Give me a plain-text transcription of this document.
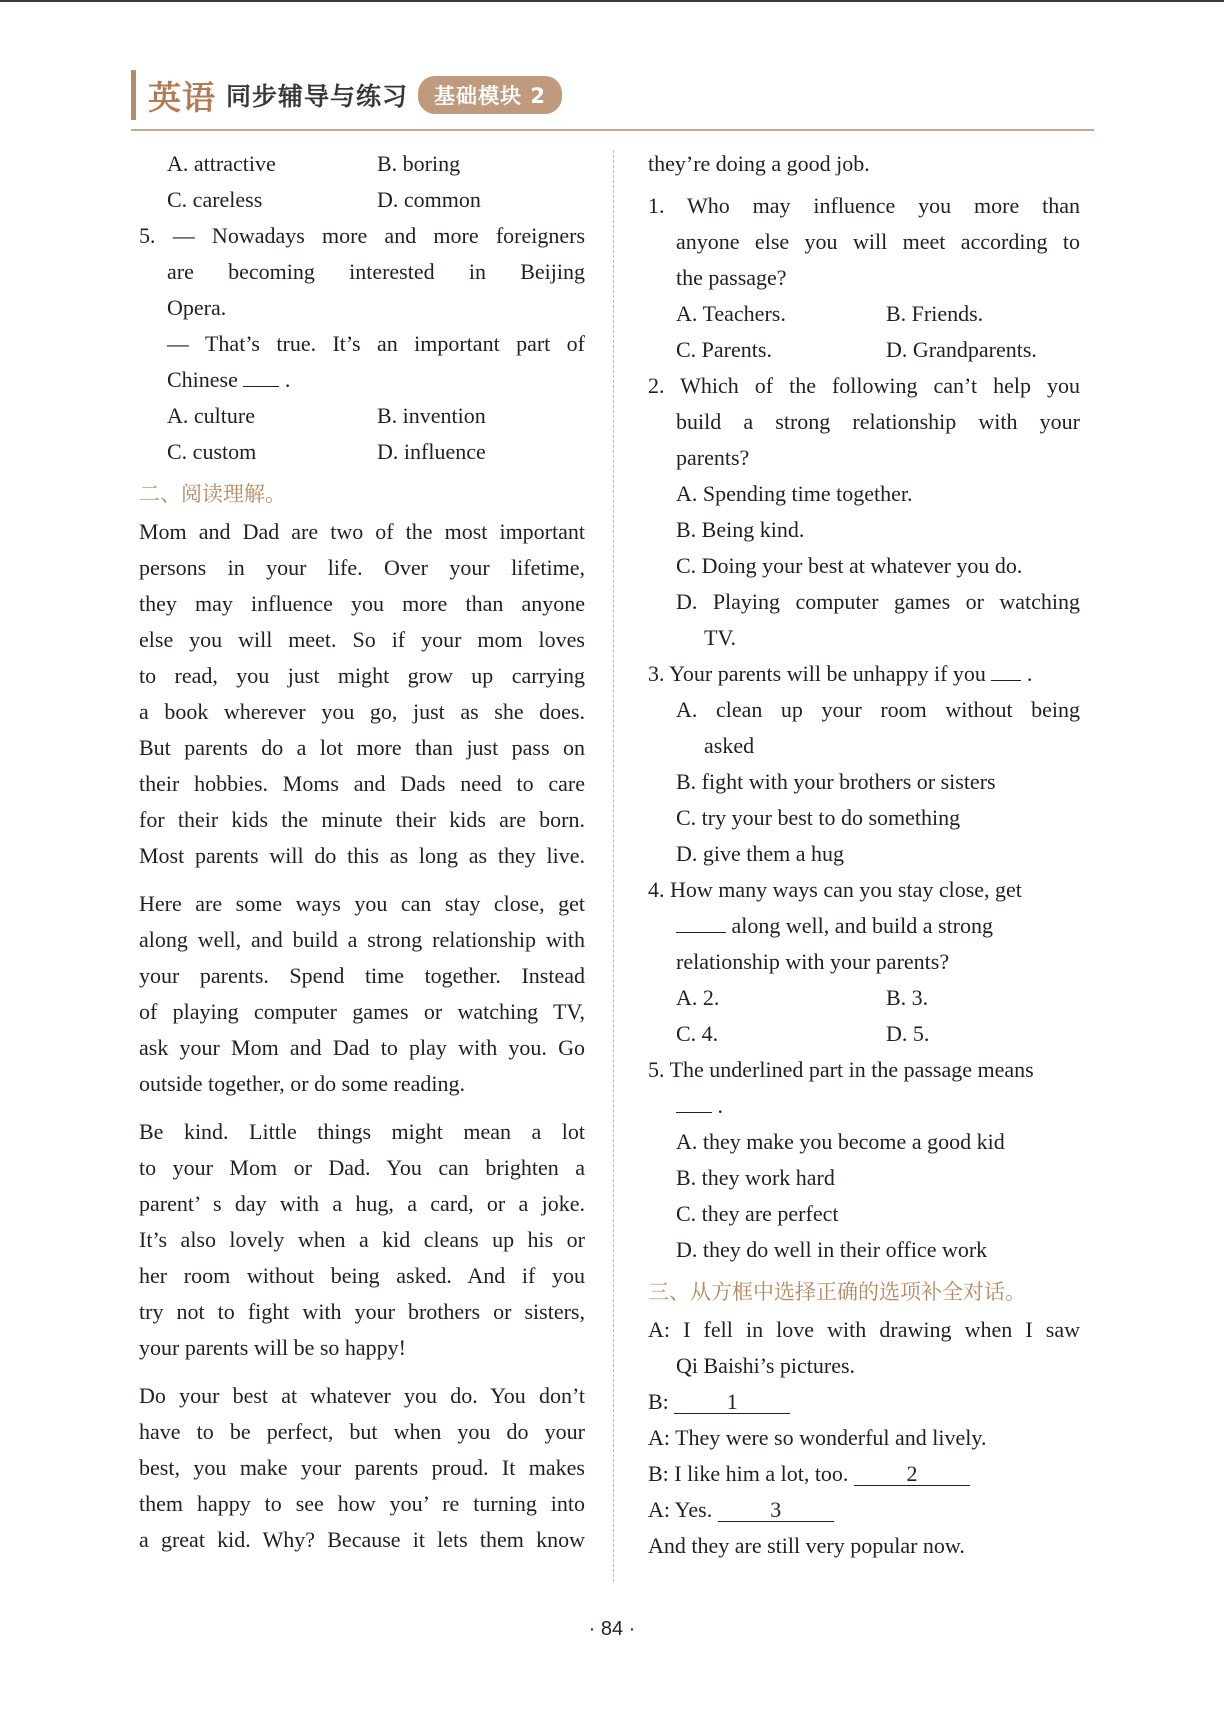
英语 同步辅导与练习	基础模块 2
A. attractive	B. boring
C. careless	D. common

5. — Nowadays more and more foreigners

are becoming interested in Beijing

Opera.

— That’s true. It’s an important part of

Chinese  .

A. culture	B. invention
C. custom	D. influence
二、阅读理解。

Mom and Dad are two of the most important

persons in your life. Over your lifetime,

they may influence you more than anyone

else you will meet. So if your mom loves

to read, you just might grow up carrying

a book wherever you go, just as she does.

But parents do a lot more than just pass on

their hobbies. Moms and Dads need to care

for their kids the minute their kids are born.

Most parents will do this as long as they live.

Here are some ways you can stay close, get

along well, and build a strong relationship with

your parents. Spend time together. Instead

of playing computer games or watching TV,

ask your Mom and Dad to play with you. Go

outside together, or do some reading.

Be kind. Little things might mean a lot

to your Mom or Dad. You can brighten a

parent’ s day with a hug, a card, or a joke.

It’s also lovely when a kid cleans up his or

her room without being asked. And if you

try not to fight with your brothers or sisters,

your parents will be so happy!

Do your best at whatever you do. You don’t

have to be perfect, but when you do your

best, you make your parents proud. It makes

them happy to see how you’ re turning into

a great kid. Why? Because it lets them know

they’re doing a good job.

1. Who may influence you more than

anyone else you will meet according to

the passage?

A. Teachers.	B. Friends.
C. Parents.	D. Grandparents.

2. Which of the following can’t help you

build a strong relationship with your

parents?

A. Spending time together.

B. Being kind.

C. Doing your best at whatever you do.

D. Playing computer games or watching

TV.

3. Your parents will be unhappy if you  .

A. clean up your room without being

asked

B. fight with your brothers or sisters

C. try your best to do something

D. give them a hug

4. How many ways can you stay close, get

along well, and build a strong

relationship with your parents?

A. 2.	B. 3.
C. 4.	D. 5.

5. The underlined part in the passage means

.

A. they make you become a good kid

B. they work hard

C. they are perfect

D. they do well in their office work

三、从方框中选择正确的选项补全对话。

A: I fell in love with drawing when I saw

Qi Baishi’s pictures.

B:	1

A: They were so wonderful and lively.

B: I like him a lot, too.	2

A: Yes.	3

And they are still very popular now.

· 84 ·
